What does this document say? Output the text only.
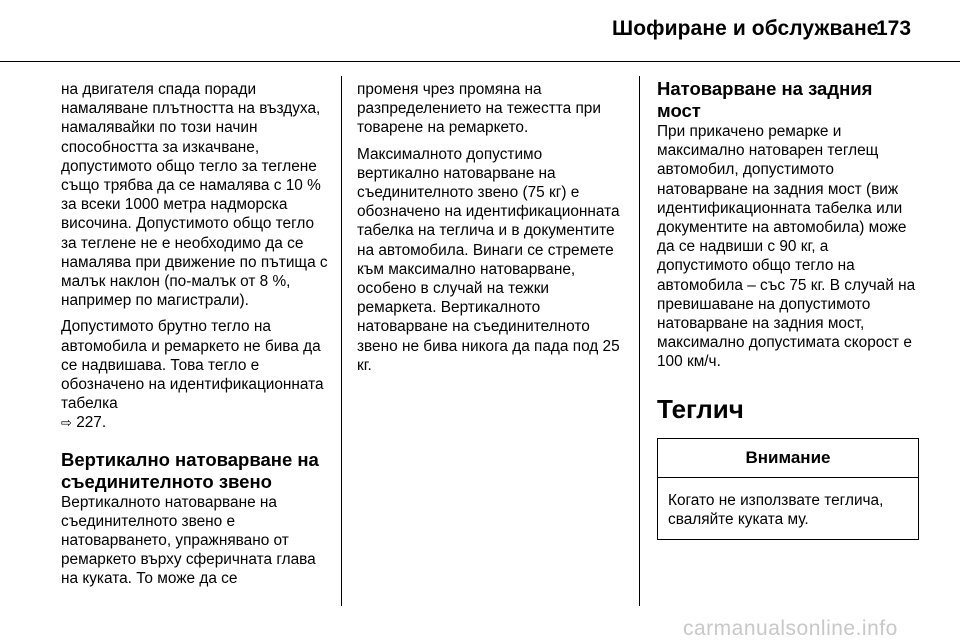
Шофиране и обслужване
173

на двигателя спада поради намаляване плътността на въздуха, намалявайки по този начин способността за изкачване, допустимото общо тегло за теглене също трябва да се намалява с 10 % за всеки 1000 метра надморска височина. Допустимото общо тегло за теглене не е необходимо да се намалява при движение по пътища с малък наклон (по-малък от 8 %, например по магистрали).

Допустимото брутно тегло на автомобила и ремаркето не бива да се надвишава. Това тегло е обозначено на идентификационната табелка
⇨ 227.

Вертикално натоварване на съединителното звено

Вертикалното натоварване на съединителното звено е натоварването, упражнявано от ремаркето върху сферичната глава на куката. То може да се

променя чрез промяна на разпределението на тежестта при товарене на ремаркето.

Максималното допустимо вертикално натоварване на съединителното звено (75 кг) е обозначено на идентификационната табелка на теглича и в документите на автомобила. Винаги се стремете към максимално натоварване, особено в случай на тежки ремаркета. Вертикалното натоварване на съединителното звено не бива никога да пада под 25 кг.

Натоварване на задния мост

При прикачено ремарке и максимално натоварен теглещ автомобил, допустимото натоварване на задния мост (виж идентификационната табелка или документите на автомобила) може да се надвиши с 90 кг, а допустимото общо тегло на автомобила – със 75 кг. В случай на превишаване на допустимото натоварване на задния мост, максимално допустимата скорост е 100 км/ч.

Теглич
Внимание
Когато не използвате теглича, сваляйте куката му.
carmanualsonline.info
